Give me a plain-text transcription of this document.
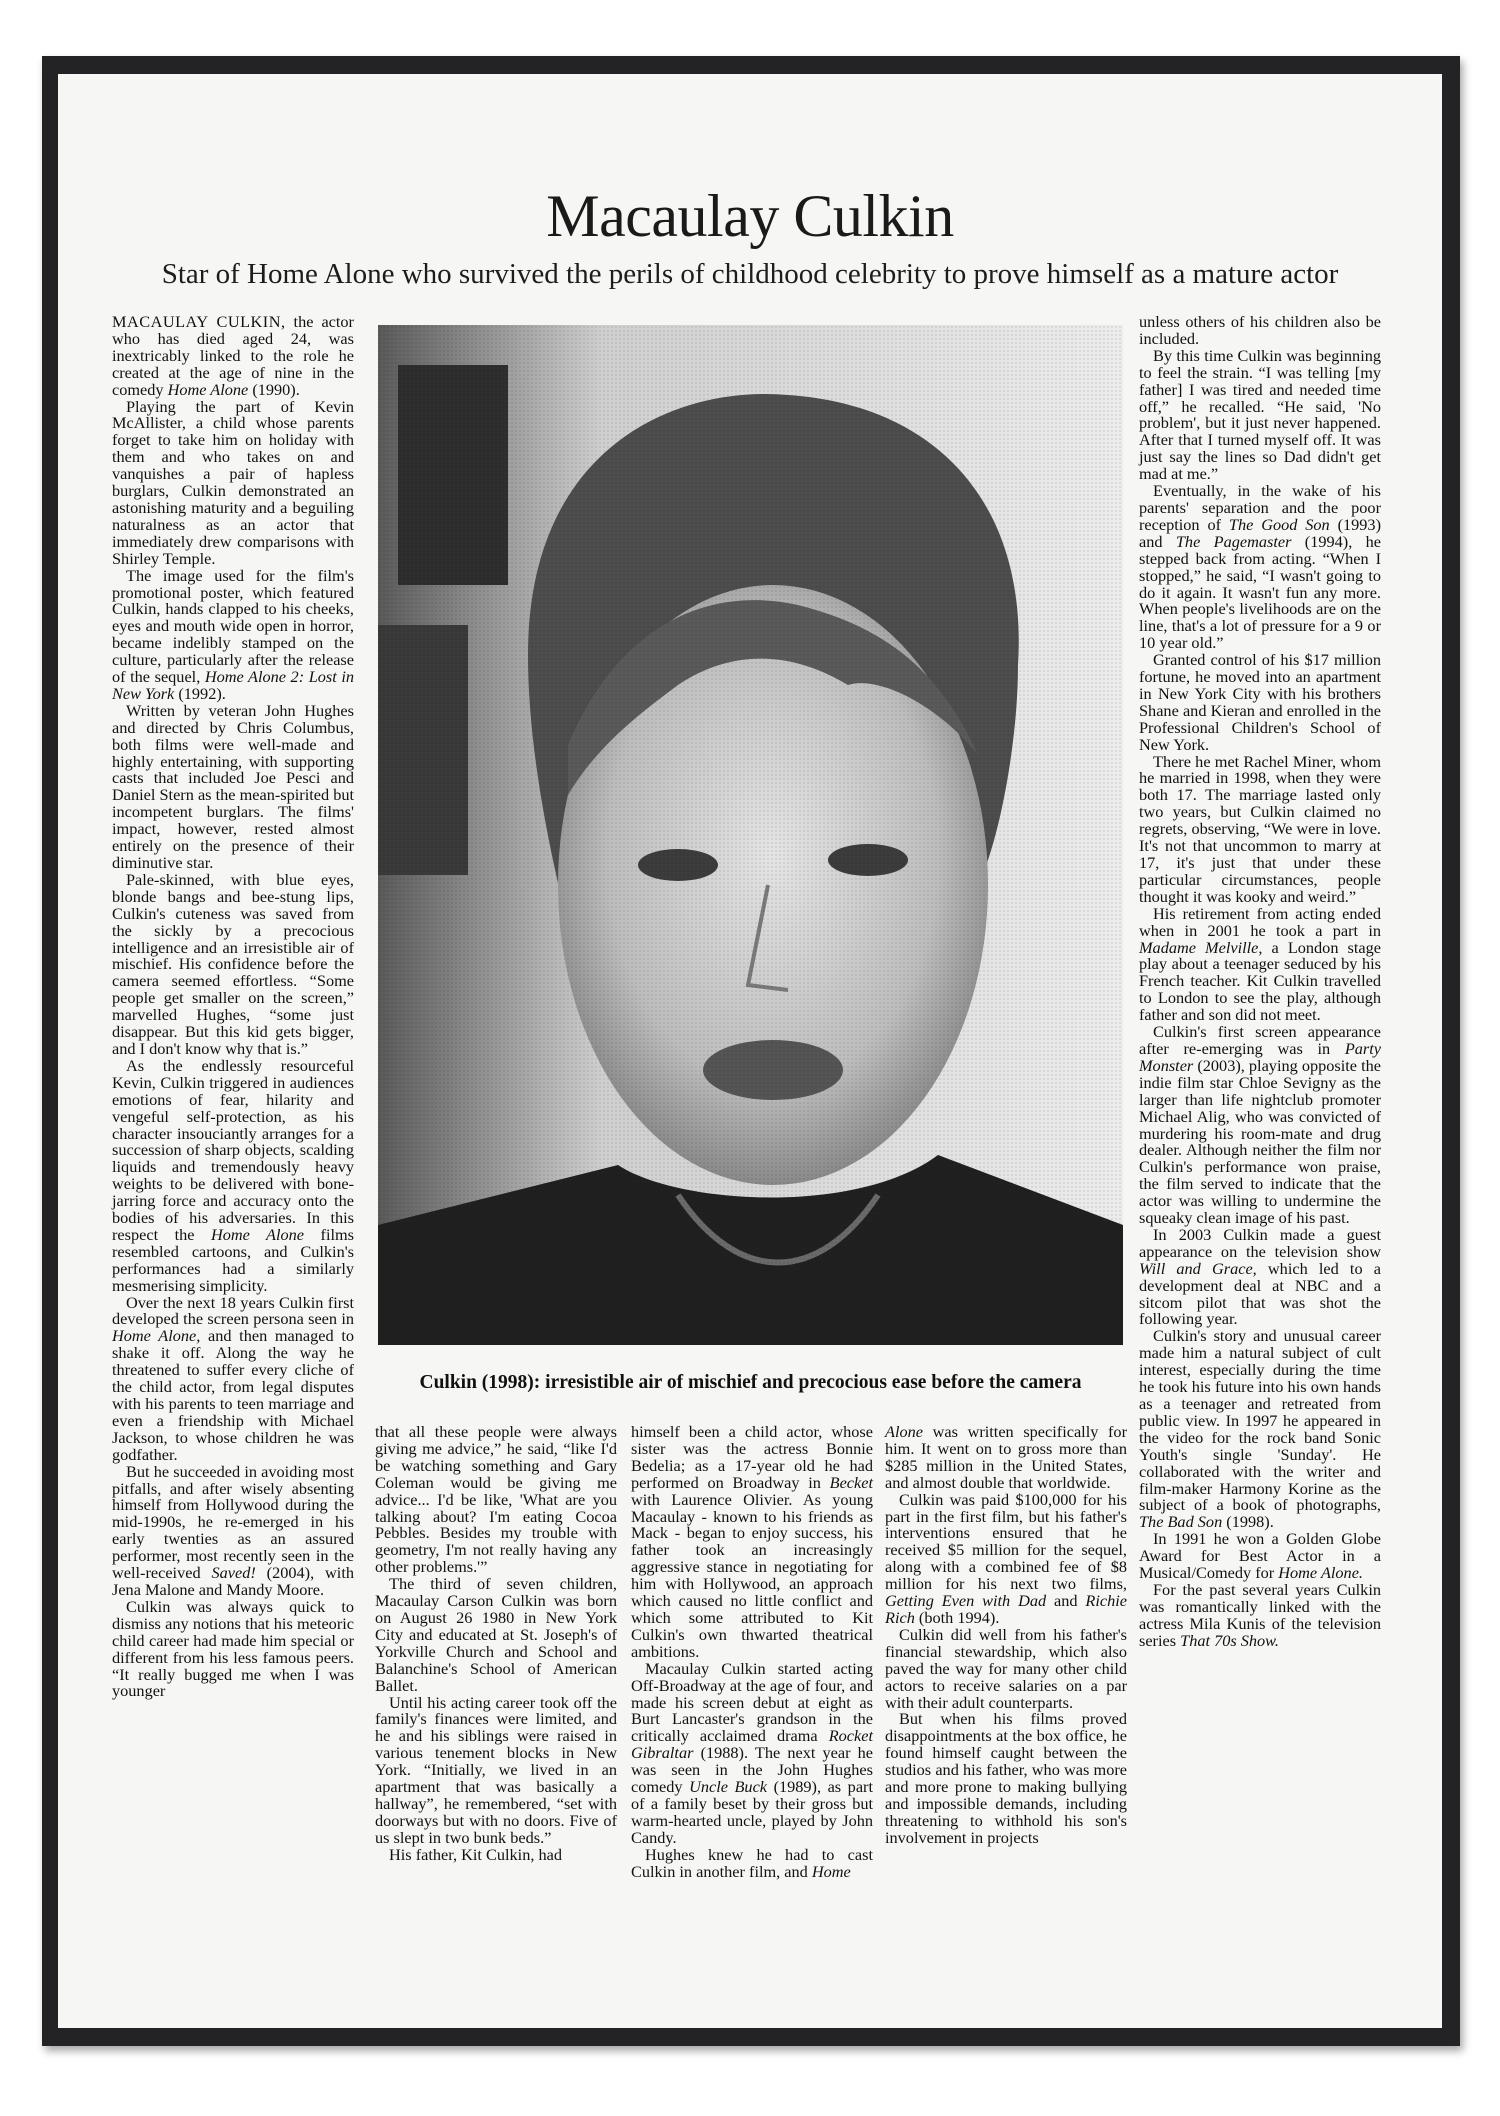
Macaulay Culkin
Star of Home Alone who survived the perils of childhood celebrity to prove himself as a mature actor

MACAULAY CULKIN, the actor who has died aged 24, was inextricably linked to the role he created at the age of nine in the comedy Home Alone (1990).

Playing the part of Kevin McAllister, a child whose parents forget to take him on holiday with them and who takes on and vanquishes a pair of hapless burglars, Culkin demonstrated an astonishing maturity and a beguiling naturalness as an actor that immediately drew comparisons with Shirley Temple.

The image used for the film's promotional poster, which featured Culkin, hands clapped to his cheeks, eyes and mouth wide open in horror, became indelibly stamped on the culture, particularly after the release of the sequel, Home Alone 2: Lost in New York (1992).

Written by veteran John Hughes and directed by Chris Columbus, both films were well-made and highly entertaining, with supporting casts that included Joe Pesci and Daniel Stern as the mean-spirited but incompetent burglars. The films' impact, however, rested almost entirely on the presence of their diminutive star.

Pale-skinned, with blue eyes, blonde bangs and bee-stung lips, Culkin's cuteness was saved from the sickly by a precocious intelligence and an irresistible air of mischief. His confidence before the camera seemed effortless. “Some people get smaller on the screen,” marvelled Hughes, “some just disappear. But this kid gets bigger, and I don't know why that is.”

As the endlessly resourceful Kevin, Culkin triggered in audiences emotions of fear, hilarity and vengeful self-protection, as his character insouciantly arranges for a succession of sharp objects, scalding liquids and tremendously heavy weights to be delivered with bone-jarring force and accuracy onto the bodies of his adversaries. In this respect the Home Alone films resembled cartoons, and Culkin's performances had a similarly mesmerising simplicity.

Over the next 18 years Culkin first developed the screen persona seen in Home Alone, and then managed to shake it off. Along the way he threatened to suffer every cliche of the child actor, from legal disputes with his parents to teen marriage and even a friendship with Michael Jackson, to whose children he was godfather.

But he succeeded in avoiding most pitfalls, and after wisely absenting himself from Hollywood during the mid-1990s, he re-emerged in his early twenties as an assured performer, most recently seen in the well-received Saved! (2004), with Jena Malone and Mandy Moore.

Culkin was always quick to dismiss any notions that his meteoric child career had made him special or different from his less famous peers. “It really bugged me when I was younger

Culkin (1998): irresistible air of mischief and precocious ease before the camera

that all these people were always giving me advice,” he said, “like I'd be watching something and Gary Coleman would be giving me advice... I'd be like, 'What are you talking about? I'm eating Cocoa Pebbles. Besides my trouble with geometry, I'm not really having any other problems.'”

The third of seven children, Macaulay Carson Culkin was born on August 26 1980 in New York City and educated at St. Joseph's of Yorkville Church and School and Balanchine's School of American Ballet.

Until his acting career took off the family's finances were limited, and he and his siblings were raised in various tenement blocks in New York. “Initially, we lived in an apartment that was basically a hallway”, he remembered, “set with doorways but with no doors. Five of us slept in two bunk beds.”

His father, Kit Culkin, had

himself been a child actor, whose sister was the actress Bonnie Bedelia; as a 17-year old he had performed on Broadway in Becket with Laurence Olivier. As young Macaulay - known to his friends as Mack - began to enjoy success, his father took an increasingly aggressive stance in negotiating for him with Hollywood, an approach which caused no little conflict and which some attributed to Kit Culkin's own thwarted theatrical ambitions.

Macaulay Culkin started acting Off-Broadway at the age of four, and made his screen debut at eight as Burt Lancaster's grandson in the critically acclaimed drama Rocket Gibraltar (1988). The next year he was seen in the John Hughes comedy Uncle Buck (1989), as part of a family beset by their gross but warm-hearted uncle, played by John Candy.

Hughes knew he had to cast Culkin in another film, and Home

Alone was written specifically for him. It went on to gross more than $285 million in the United States, and almost double that worldwide.

Culkin was paid $100,000 for his part in the first film, but his father's interventions ensured that he received $5 million for the sequel, along with a combined fee of $8 million for his next two films, Getting Even with Dad and Richie Rich (both 1994).

Culkin did well from his father's financial stewardship, which also paved the way for many other child actors to receive salaries on a par with their adult counterparts.

But when his films proved disappointments at the box office, he found himself caught between the studios and his father, who was more and more prone to making bullying and impossible demands, including threatening to withhold his son's involvement in projects

unless others of his children also be included.

By this time Culkin was beginning to feel the strain. “I was telling [my father] I was tired and needed time off,” he recalled. “He said, 'No problem', but it just never happened. After that I turned myself off. It was just say the lines so Dad didn't get mad at me.”

Eventually, in the wake of his parents' separation and the poor reception of The Good Son (1993) and The Pagemaster (1994), he stepped back from acting. “When I stopped,” he said, “I wasn't going to do it again. It wasn't fun any more. When people's livelihoods are on the line, that's a lot of pressure for a 9 or 10 year old.”

Granted control of his $17 million fortune, he moved into an apartment in New York City with his brothers Shane and Kieran and enrolled in the Professional Children's School of New York.

There he met Rachel Miner, whom he married in 1998, when they were both 17. The marriage lasted only two years, but Culkin claimed no regrets, observing, “We were in love. It's not that uncommon to marry at 17, it's just that under these particular circumstances, people thought it was kooky and weird.”

His retirement from acting ended when in 2001 he took a part in Madame Melville, a London stage play about a teenager seduced by his French teacher. Kit Culkin travelled to London to see the play, although father and son did not meet.

Culkin's first screen appearance after re-emerging was in Party Monster (2003), playing opposite the indie film star Chloe Sevigny as the larger than life nightclub promoter Michael Alig, who was convicted of murdering his room-mate and drug dealer. Although neither the film nor Culkin's performance won praise, the film served to indicate that the actor was willing to undermine the squeaky clean image of his past.

In 2003 Culkin made a guest appearance on the television show Will and Grace, which led to a development deal at NBC and a sitcom pilot that was shot the following year.

Culkin's story and unusual career made him a natural subject of cult interest, especially during the time he took his future into his own hands as a teenager and retreated from public view. In 1997 he appeared in the video for the rock band Sonic Youth's single 'Sunday'. He collaborated with the writer and film-maker Harmony Korine as the subject of a book of photographs, The Bad Son (1998).

In 1991 he won a Golden Globe Award for Best Actor in a Musical/Comedy for Home Alone.

For the past several years Culkin was romantically linked with the actress Mila Kunis of the television series That 70s Show.
